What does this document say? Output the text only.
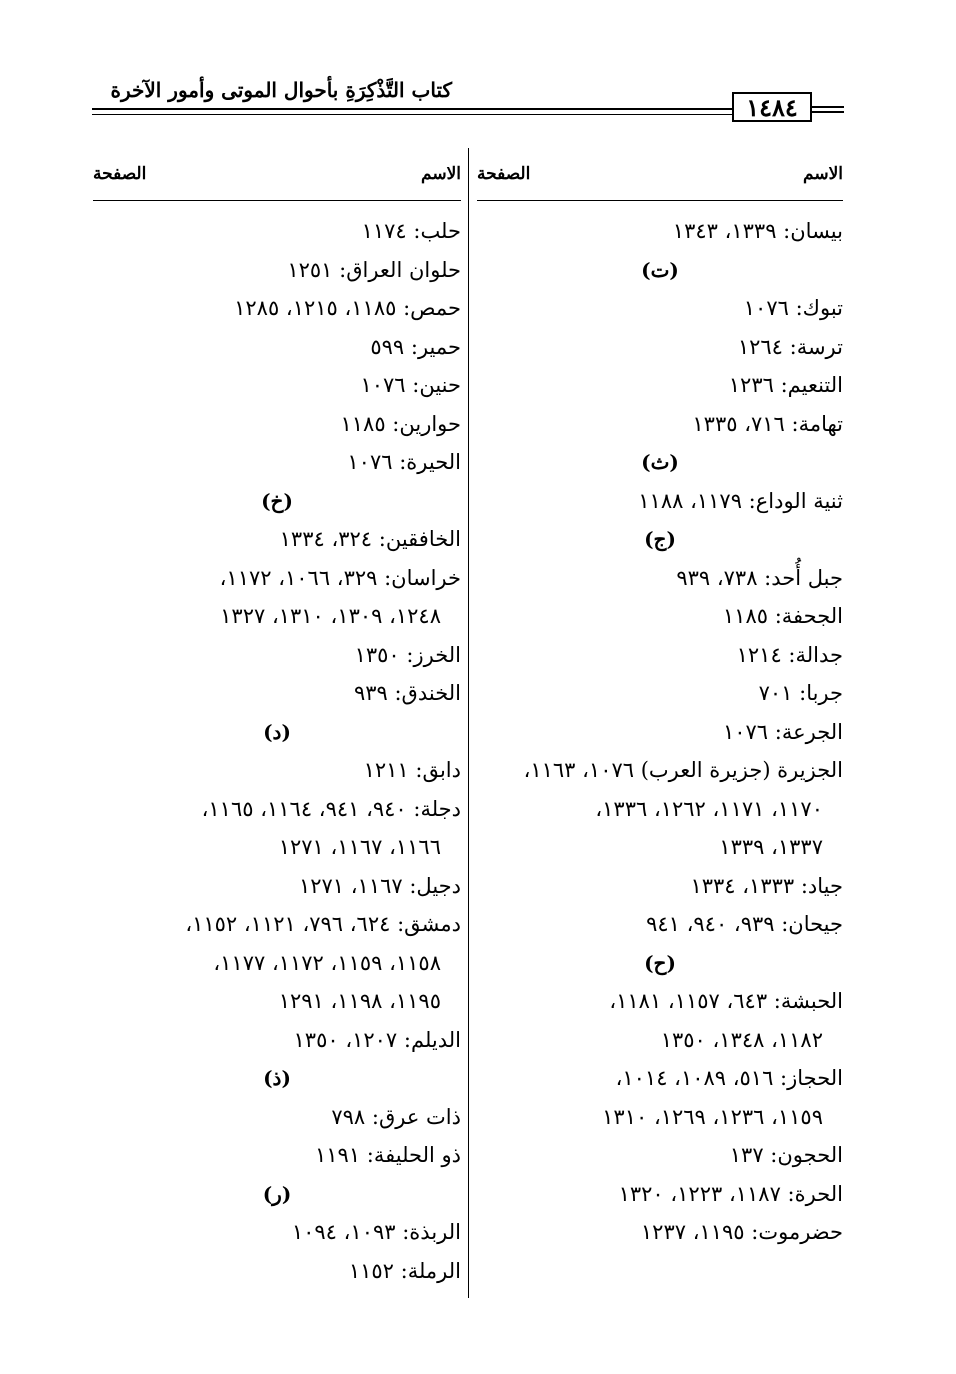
كتاب التَّذْكِرَةِ بأحوال الموتى وأمور الآخرة
١٤٨٤
الاسم
الصفحة
الاسم
الصفحة
بيسان: ١٣٣٩، ١٣٤٣
(ت)
تبوك: ١٠٧٦
ترسة: ١٢٦٤
التنعيم: ١٢٣٦
تهامة: ٧١٦، ١٣٣٥
(ث)
ثنية الوداع: ١١٧٩، ١١٨٨
(ج)
جبل أُحد: ٧٣٨، ٩٣٩
الجحفة: ١١٨٥
جدالة: ١٢١٤
جربا: ٧٠١
الجرعة: ١٠٧٦
الجزيرة (جزيرة العرب) ١٠٧٦، ١١٦٣،
١١٧٠، ١١٧١، ١٢٦٢، ١٣٣٦،
١٣٣٧، ١٣٣٩
جياد: ١٣٣٣، ١٣٣٤
جيحان: ٩٣٩، ٩٤٠، ٩٤١
(ح)
الحبشة: ٦٤٣، ١١٥٧، ١١٨١،
١١٨٢، ١٣٤٨، ١٣٥٠
الحجاز: ٥١٦، ١٠٨٩، ١٠١٤،
١١٥٩، ١٢٣٦، ١٢٦٩، ١٣١٠
الحجون: ١٣٧
الحرة: ١١٨٧، ١٢٢٣، ١٣٢٠
حضرموت: ١١٩٥، ١٢٣٧
حلب: ١١٧٤
حلوان العراق: ١٢٥١
حمص: ١١٨٥، ١٢١٥، ١٢٨٥
حمير: ٥٩٩
حنين: ١٠٧٦
حوارين: ١١٨٥
الحيرة: ١٠٧٦
(خ)
الخافقين: ٣٢٤، ١٣٣٤
خراسان: ٣٢٩، ١٠٦٦، ١١٧٢،
١٢٤٨، ١٣٠٩، ١٣١٠، ١٣٢٧
الخرز: ١٣٥٠
الخندق: ٩٣٩
(د)
دابق: ١٢١١
دجلة: ٩٤٠، ٩٤١، ١١٦٤، ١١٦٥،
١١٦٦، ١١٦٧، ١٢٧١
دجيل: ١١٦٧، ١٢٧١
دمشق: ٦٢٤، ٧٩٦، ١١٢١، ١١٥٢،
١١٥٨، ١١٥٩، ١١٧٢، ١١٧٧،
١١٩٥، ١١٩٨، ١٢٩١
الديلم: ١٢٠٧، ١٣٥٠
(ذ)
ذات عرق: ٧٩٨
ذو الحليفة: ١١٩١
(ر)
الربذة: ١٠٩٣، ١٠٩٤
الرملة: ١١٥٢
